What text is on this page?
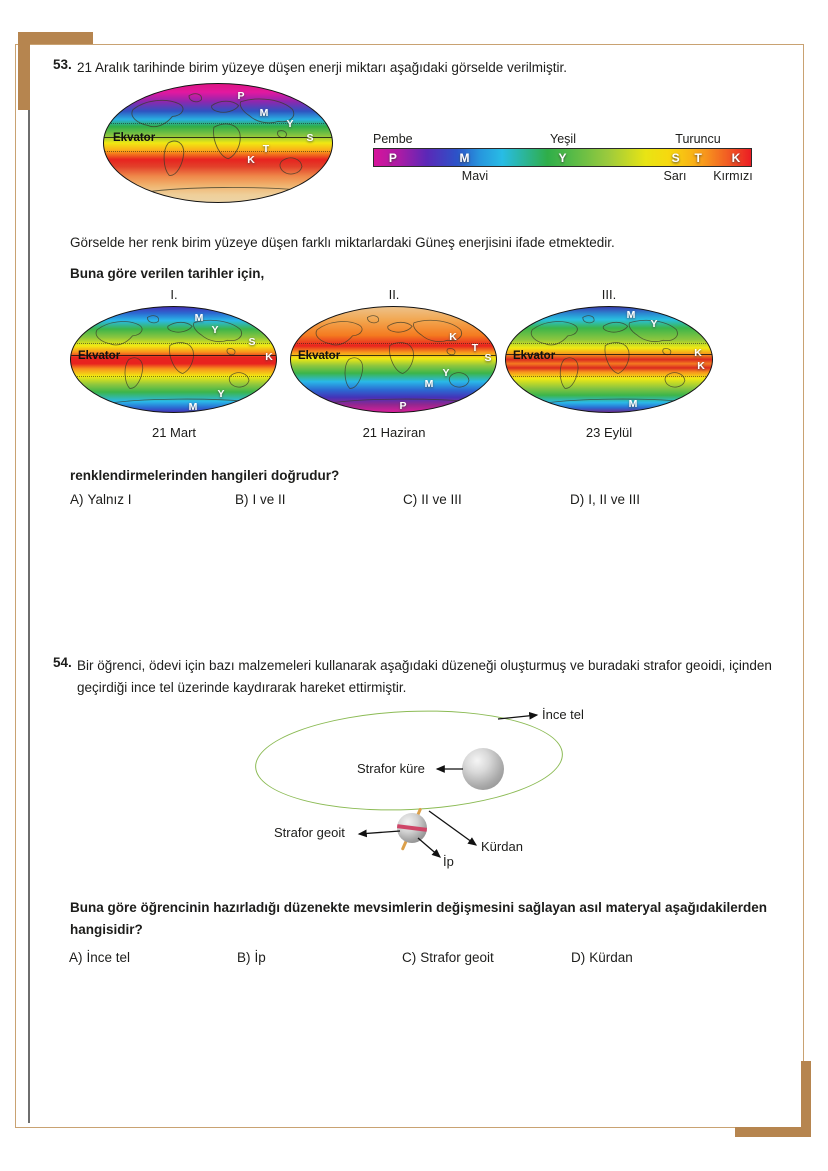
53. 21 Aralık tarihinde birim yüzeye düşen enerji miktarı aşağıdaki görselde verilmiştir.
Ekvator
P
M
Y
S
T
K
Pembe	Yeşil	Turuncu
P	M	Y	S T K
Mavi	Sarı Kırmızı
Görselde her renk birim yüzeye düşen farklı miktarlardaki Güneş enerjisini ifade etmektedir.
Buna göre verilen tarihler için,
I.	II.	III.
Ekvator
M
Y
S
K
Y
M
Ekvator
K
T
S
Y
M
P
Ekvator
M
Y
K
K
M
21 Mart	21 Haziran	23 Eylül
renklendirmelerinden hangileri doğrudur?
A) Yalnız I	B) I ve II	C) II ve III	D) I, II ve III
54. Bir öğrenci, ödevi için bazı malzemeleri kullanarak aşağıdaki düzeneği oluşturmuş ve buradaki strafor geoidi, içinden geçirdiği ince tel üzerinde kaydırarak hareket ettirmiştir.
İnce tel
Strafor küre
Strafor geoit
İp
Kürdan
Buna göre öğrencinin hazırladığı düzenekte mevsimlerin değişmesini sağlayan asıl materyal aşağıdakilerden hangisidir?
A) İnce tel	B) İp	C) Strafor geoit	D) Kürdan
